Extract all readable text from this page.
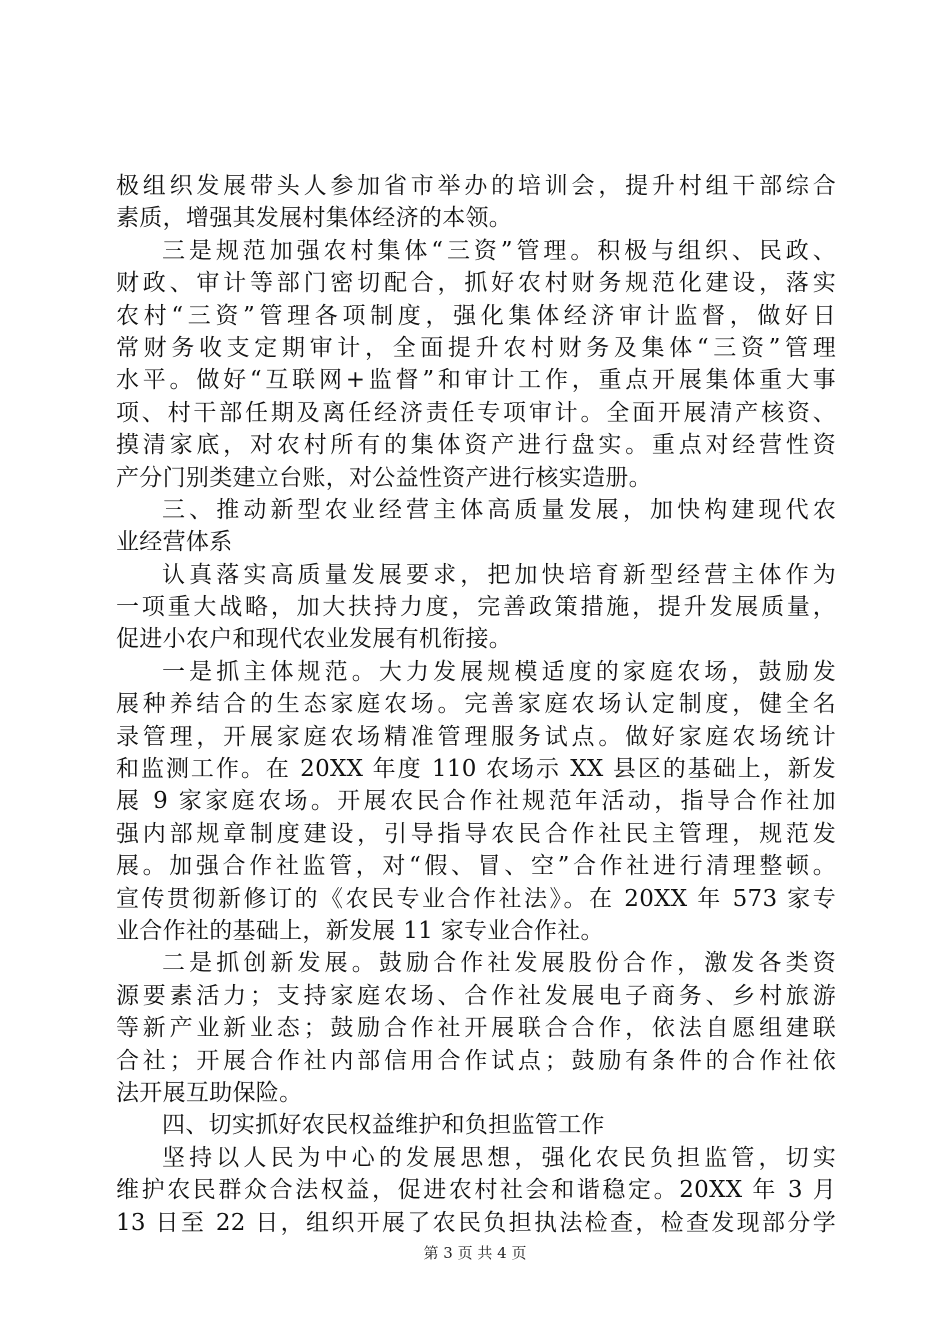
极组织发展带头人参加省市举办的培训会，提升村组干部综合
素质，增强其发展村集体经济的本领。
三是规范加强农村集体“三资”管理。积极与组织、民政、
财政、审计等部门密切配合，抓好农村财务规范化建设，落实
农村“三资”管理各项制度，强化集体经济审计监督，做好日
常财务收支定期审计，全面提升农村财务及集体“三资”管理
水平。做好“互联网+监督”和审计工作，重点开展集体重大事
项、村干部任期及离任经济责任专项审计。全面开展清产核资、
摸清家底，对农村所有的集体资产进行盘实。重点对经营性资
产分门别类建立台账，对公益性资产进行核实造册。
三、推动新型农业经营主体高质量发展，加快构建现代农
业经营体系
认真落实高质量发展要求，把加快培育新型经营主体作为
一项重大战略，加大扶持力度，完善政策措施，提升发展质量，
促进小农户和现代农业发展有机衔接。
一是抓主体规范。大力发展规模适度的家庭农场，鼓励发
展种养结合的生态家庭农场。完善家庭农场认定制度，健全名
录管理，开展家庭农场精准管理服务试点。做好家庭农场统计
和监测工作。在 20XX 年度 110 农场示 XX 县区的基础上，新发
展 9 家家庭农场。开展农民合作社规范年活动，指导合作社加
强内部规章制度建设，引导指导农民合作社民主管理，规范发
展。加强合作社监管，对“假、冒、空”合作社进行清理整顿。
宣传贯彻新修订的《农民专业合作社法》。在 20XX 年 573 家专
业合作社的基础上，新发展 11 家专业合作社。
二是抓创新发展。鼓励合作社发展股份合作，激发各类资
源要素活力；支持家庭农场、合作社发展电子商务、乡村旅游
等新产业新业态；鼓励合作社开展联合合作，依法自愿组建联
合社；开展合作社内部信用合作试点；鼓励有条件的合作社依
法开展互助保险。
四、切实抓好农民权益维护和负担监管工作
坚持以人民为中心的发展思想，强化农民负担监管，切实
维护农民群众合法权益，促进农村社会和谐稳定。20XX 年 3 月
13 日至 22 日，组织开展了农民负担执法检查，检查发现部分学
第 3 页 共 4 页
